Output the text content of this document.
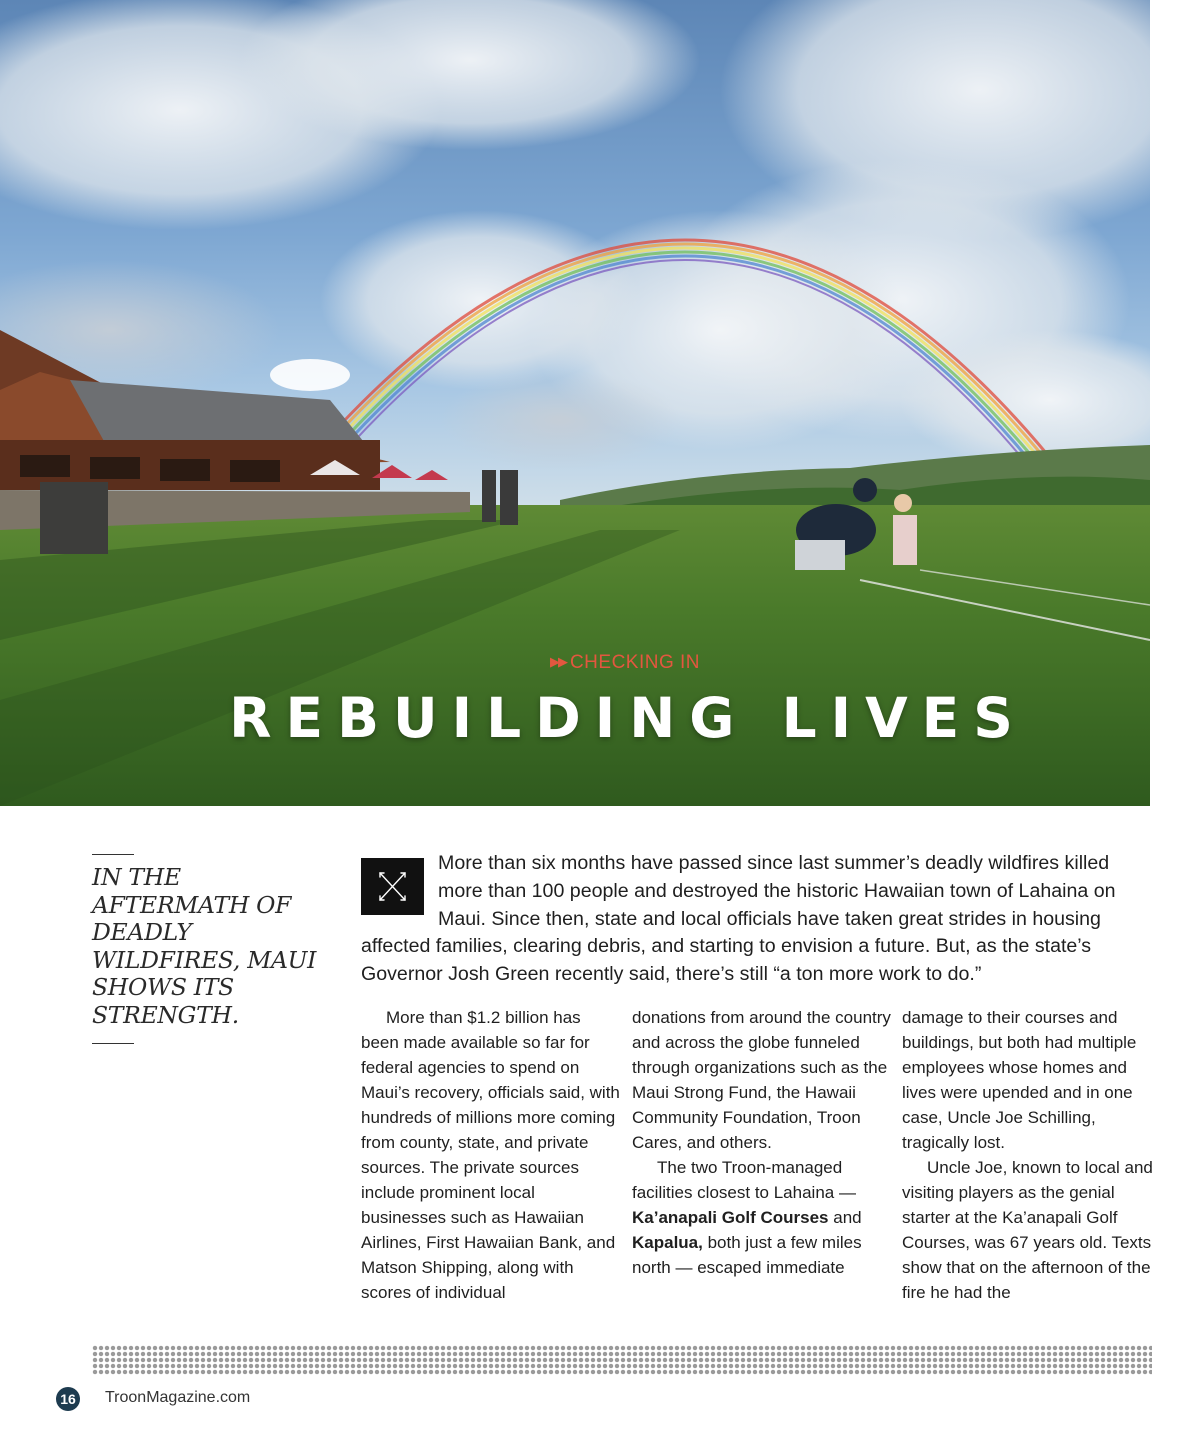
▶▶ CHECKING IN
REBUILDING LIVES

IN THE AFTERMATH OF DEADLY WILDFIRES, MAUI SHOWS ITS STRENGTH.

More than six months have passed since last summer’s deadly wildfires killed more than 100 people and destroyed the historic Hawaiian town of Lahaina on Maui. Since then, state and local officials have taken great strides in housing
affected families, clearing debris, and starting to envision a future. But, as the state’s Governor Josh Green recently said, there’s still “a ton more work to do.”

More than $1.2 billion has been made available so far for federal agencies to spend on Maui’s recovery, officials said, with hundreds of millions more coming from county, state, and private sources. The private sources include prominent local businesses such as Hawaiian Airlines, First Hawaiian Bank, and Matson Shipping, along with scores of individual

donations from around the country and across the globe funneled through organizations such as the Maui Strong Fund, the Hawaii Community Foundation, Troon Cares, and others.

The two Troon-managed facilities closest to Lahaina — Ka’anapali Golf Courses and Kapalua, both just a few miles north — escaped immediate

damage to their courses and buildings, but both had multiple employees whose homes and lives were upended and in one case, Uncle Joe Schilling, tragically lost.

Uncle Joe, known to local and visiting players as the genial starter at the Ka’anapali Golf Courses, was 67 years old. Texts show that on the afternoon of the fire he had the

16 TroonMagazine.com
